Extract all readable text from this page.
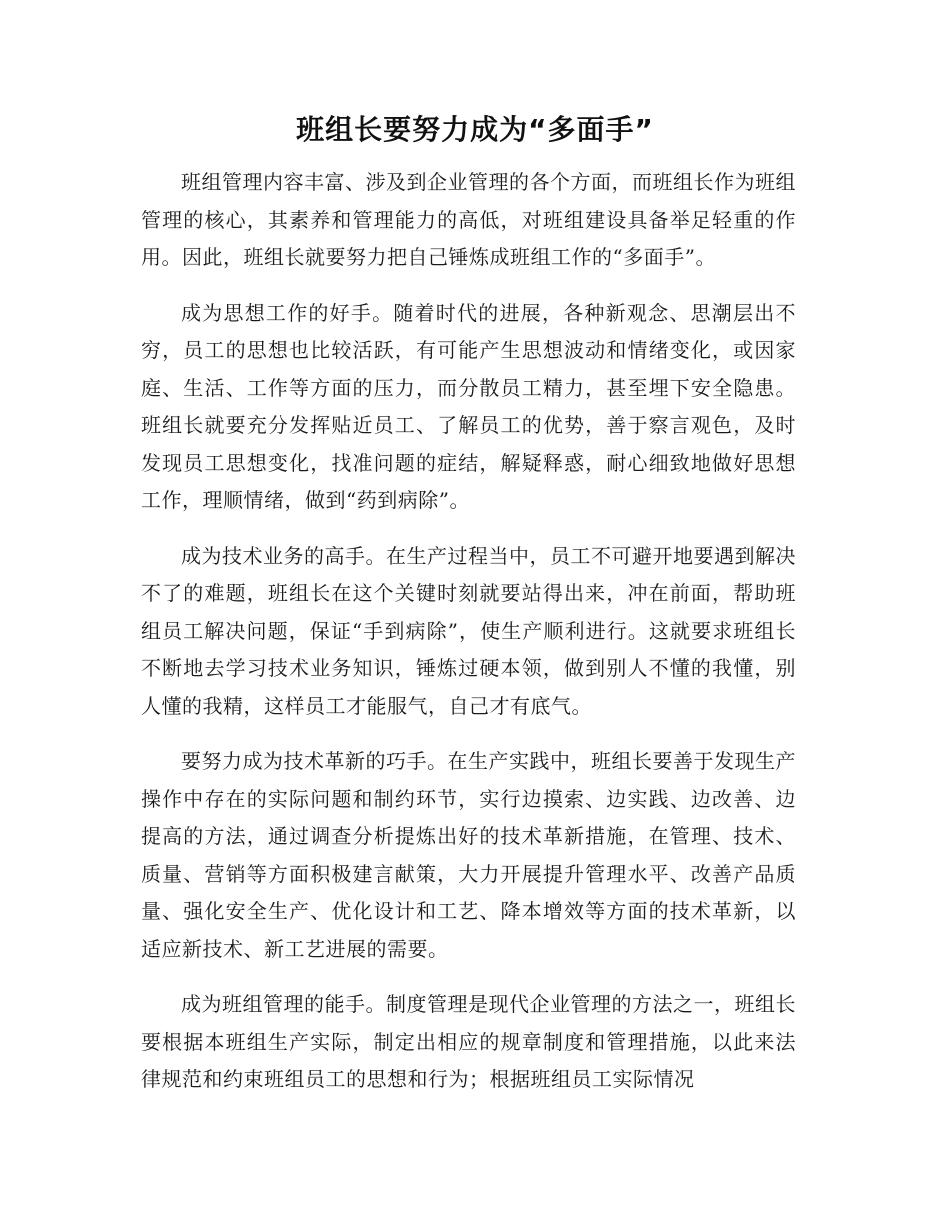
班组长要努力成为“多面手”

班组管理内容丰富、涉及到企业管理的各个方面，而班组长作为班组管理的核心，其素养和管理能力的高低，对班组建设具备举足轻重的作用。因此，班组长就要努力把自己锤炼成班组工作的“多面手”。

成为思想工作的好手。随着时代的进展，各种新观念、思潮层出不穷，员工的思想也比较活跃，有可能产生思想波动和情绪变化，或因家庭、生活、工作等方面的压力，而分散员工精力，甚至埋下安全隐患。班组长就要充分发挥贴近员工、了解员工的优势，善于察言观色，及时发现员工思想变化，找准问题的症结，解疑释惑，耐心细致地做好思想工作，理顺情绪，做到“药到病除”。

成为技术业务的高手。在生产过程当中，员工不可避开地要遇到解决不了的难题，班组长在这个关键时刻就要站得出来，冲在前面，帮助班组员工解决问题，保证“手到病除”，使生产顺利进行。这就要求班组长不断地去学习技术业务知识，锤炼过硬本领，做到别人不懂的我懂，别人懂的我精，这样员工才能服气，自己才有底气。

要努力成为技术革新的巧手。在生产实践中，班组长要善于发现生产操作中存在的实际问题和制约环节，实行边摸索、边实践、边改善、边提高的方法，通过调查分析提炼出好的技术革新措施，在管理、技术、质量、营销等方面积极建言献策，大力开展提升管理水平、改善产品质量、强化安全生产、优化设计和工艺、降本增效等方面的技术革新，以适应新技术、新工艺进展的需要。

成为班组管理的能手。制度管理是现代企业管理的方法之一，班组长要根据本班组生产实际，制定出相应的规章制度和管理措施，以此来法律规范和约束班组员工的思想和行为；根据班组员工实际情况
